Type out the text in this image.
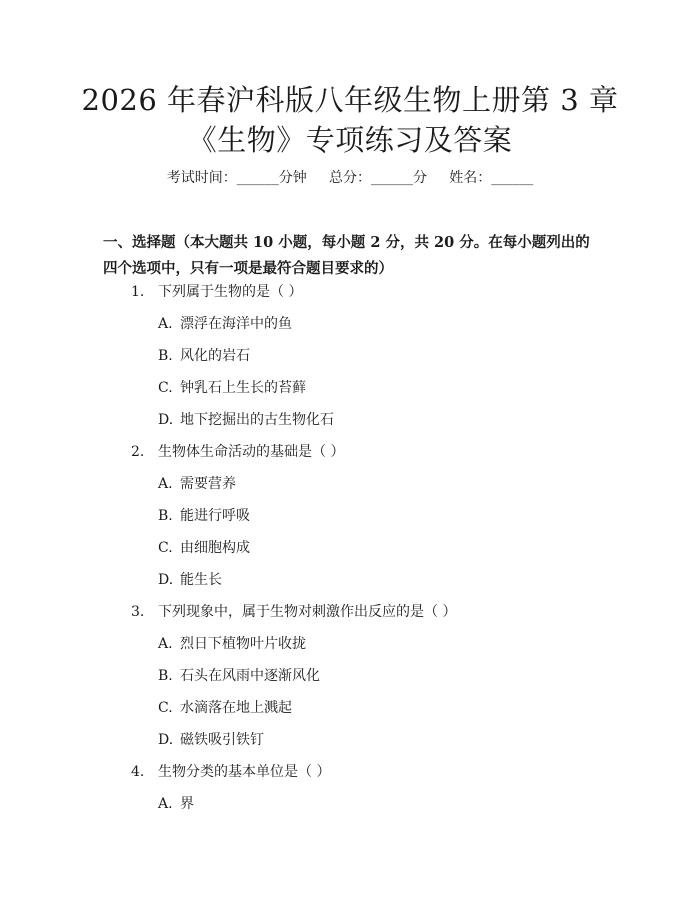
2026 年春沪科版八年级生物上册第 3 章《生物》专项练习及答案
考试时间：______分钟     总分：______分     姓名：______
一、选择题（本大题共 10 小题，每小题 2 分，共 20 分。在每小题列出的四个选项中，只有一项是最符合题目要求的）
1. 下列属于生物的是（ ）
A. 漂浮在海洋中的鱼
B. 风化的岩石
C. 钟乳石上生长的苔藓
D. 地下挖掘出的古生物化石
2. 生物体生命活动的基础是（ ）
A. 需要营养
B. 能进行呼吸
C. 由细胞构成
D. 能生长
3. 下列现象中，属于生物对刺激作出反应的是（ ）
A. 烈日下植物叶片收拢
B. 石头在风雨中逐渐风化
C. 水滴落在地上溅起
D. 磁铁吸引铁钉
4. 生物分类的基本单位是（ ）
A. 界
